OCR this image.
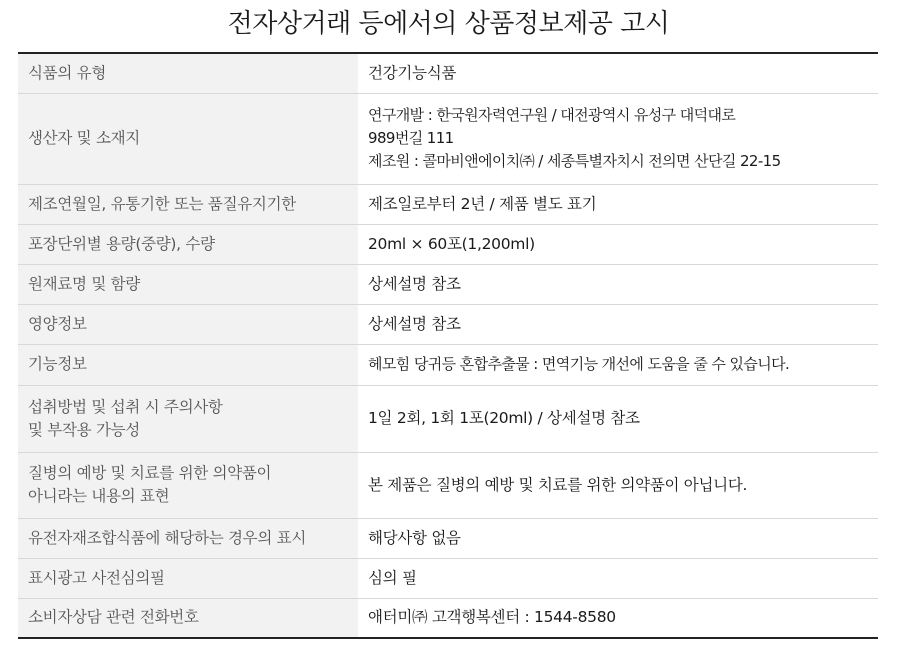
전자상거래 등에서의 상품정보제공 고시
식품의 유형	건강기능식품

생산자 및 소재지	연구개발 : 한국원자력연구원 / 대전광역시 유성구 대덕대로
989번길 111
제조원 : 콜마비앤에이치㈜ / 세종특별자치시 전의면 산단길 22-15

제조연월일, 유통기한 또는 품질유지기한	제조일로부터 2년 / 제품 별도 표기

포장단위별 용량(중량), 수량	20ml × 60포(1,200ml)

원재료명 및 함량	상세설명 참조

영양정보	상세설명 참조

기능정보	헤모힘 당귀등 혼합추출물 : 면역기능 개선에 도움을 줄 수 있습니다.

섭취방법 및 섭취 시 주의사항
및 부작용 가능성	1일 2회, 1회 1포(20ml) / 상세설명 참조

질병의 예방 및 치료를 위한 의약품이
아니라는 내용의 표현	본 제품은 질병의 예방 및 치료를 위한 의약품이 아닙니다.

유전자재조합식품에 해당하는 경우의 표시	해당사항 없음

표시광고 사전심의필	심의 필

소비자상담 관련 전화번호	애터미㈜ 고객행복센터 : 1544-8580
